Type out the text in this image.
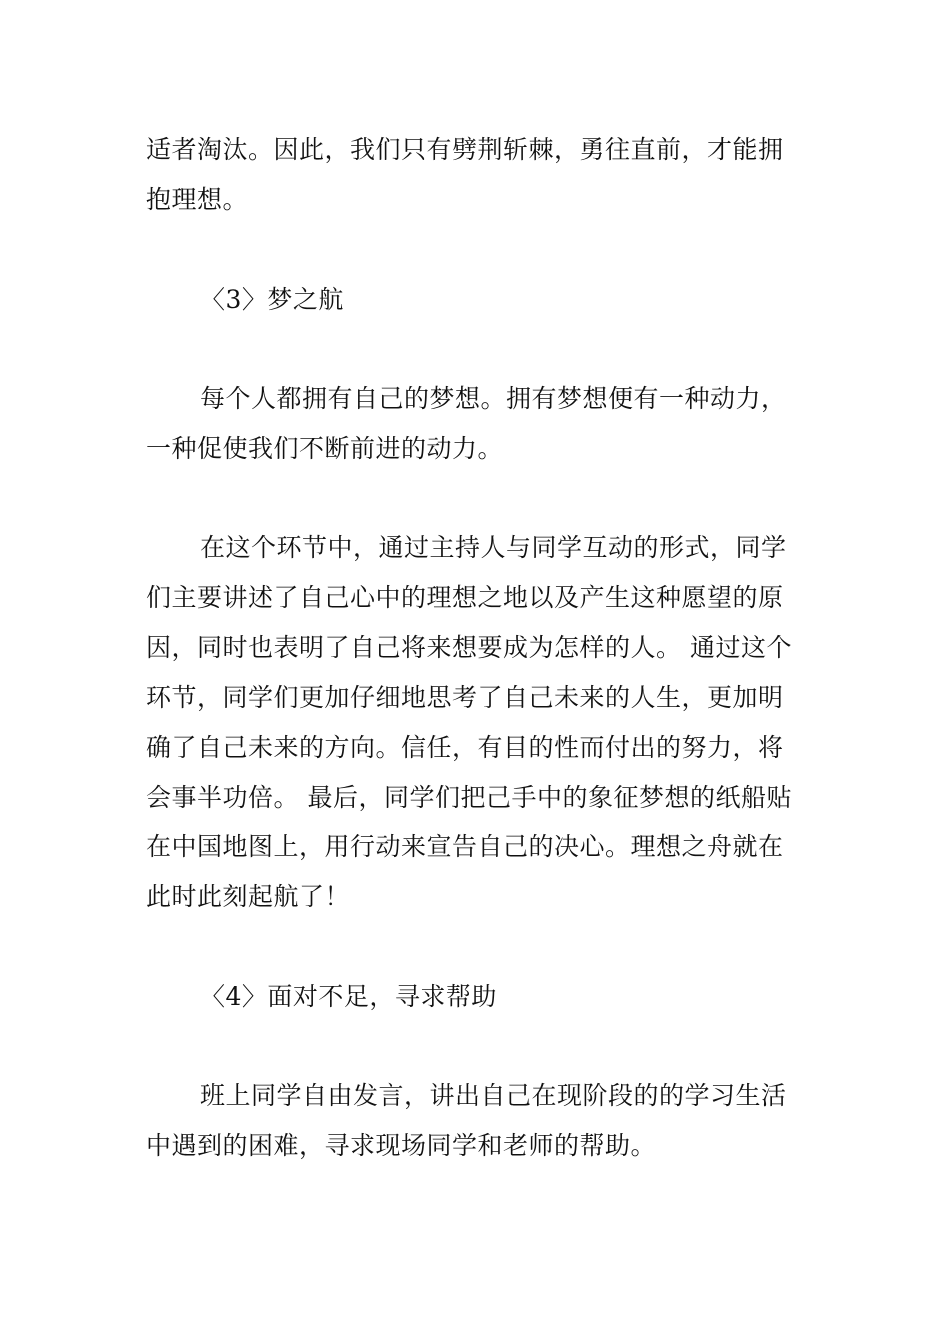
适者淘汰。因此，我们只有劈荆斩棘，勇往直前，才能拥
抱理想。
〈3〉梦之航
每个人都拥有自己的梦想。拥有梦想便有一种动力，
一种促使我们不断前进的动力。
在这个环节中，通过主持人与同学互动的形式，同学
们主要讲述了自己心中的理想之地以及产生这种愿望的原
因，同时也表明了自己将来想要成为怎样的人。 通过这个
环节，同学们更加仔细地思考了自己未来的人生，更加明
确了自己未来的方向。信任，有目的性而付出的努力，将
会事半功倍。 最后，同学们把己手中的象征梦想的纸船贴
在中国地图上，用行动来宣告自己的决心。理想之舟就在
此时此刻起航了！
〈4〉面对不足，寻求帮助
班上同学自由发言，讲出自己在现阶段的的学习生活
中遇到的困难，寻求现场同学和老师的帮助。
